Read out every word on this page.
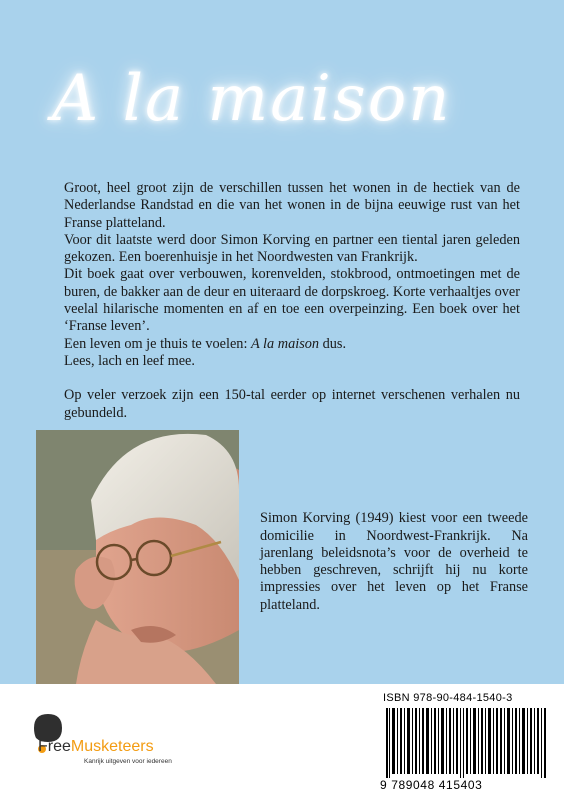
A la maison

Groot, heel groot zijn de verschillen tussen het wonen in de hectiek van de Nederlandse Randstad en die van het wonen in de bijna eeuwige rust van het Franse platteland.

Voor dit laatste werd door Simon Korving en partner een tiental jaren geleden gekozen. Een boerenhuisje in het Noordwesten van Frankrijk.

Dit boek gaat over verbouwen, korenvelden, stokbrood, ontmoetingen met de buren, de bakker aan de deur en uiteraard de dorpskroeg. Korte verhaaltjes over veelal hilarische momenten en af en toe een overpeinzing. Een boek over het ‘Franse leven’.

Een leven om je thuis te voelen: A la maison dus.

Lees, lach en leef mee.

Op veler verzoek zijn een 150-tal eerder op internet verschenen verhalen nu gebundeld.

Simon Korving (1949) kiest voor een tweede domicilie in Noordwest-Frankrijk. Na jarenlang beleidsnota’s voor de overheid te hebben geschreven, schrijft hij nu korte impressies over het leven op het Franse platteland.

FreeMusketeers
Kanrijk uitgeven voor iedereen
ISBN 978-90-484-1540-3
9 789048 415403
